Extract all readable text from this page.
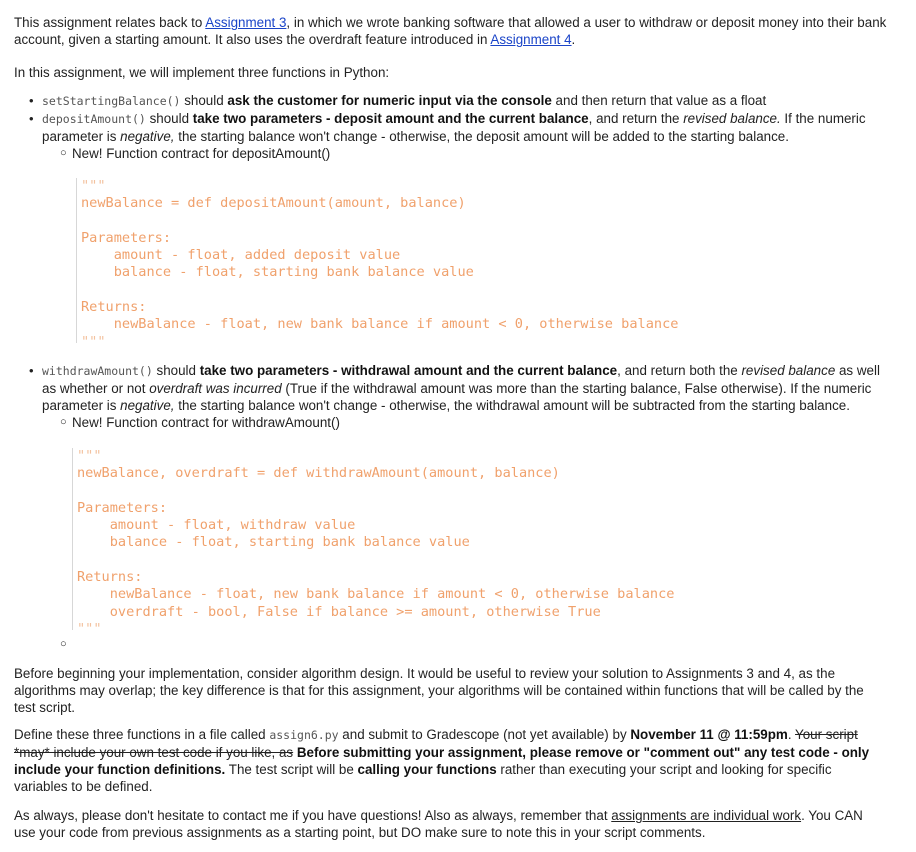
This assignment relates back to Assignment 3, in which we wrote banking software that allowed a user to withdraw or deposit money into their bank account, given a starting amount. It also uses the overdraft feature introduced in Assignment 4.

In this assignment, we will implement three functions in Python:

• setStartingBalance() should ask the customer for numeric input via the console and then return that value as a float
• depositAmount() should take two parameters - deposit amount and the current balance, and return the revised balance. If the numeric parameter is negative, the starting balance won't change - otherwise, the deposit amount will be added to the starting balance.
○ New! Function contract for depositAmount()
"""
newBalance = def depositAmount(amount, balance)

Parameters:
amount - float, added deposit value
balance - float, starting bank balance value

Returns:
newBalance - float, new bank balance if amount < 0, otherwise balance
"""
• withdrawAmount() should take two parameters - withdrawal amount and the current balance, and return both the revised balance as well as whether or not overdraft was incurred (True if the withdrawal amount was more than the starting balance, False otherwise). If the numeric parameter is negative, the starting balance won't change - otherwise, the withdrawal amount will be subtracted from the starting balance.
○ New! Function contract for withdrawAmount()
"""
newBalance, overdraft = def withdrawAmount(amount, balance)

Parameters:
amount - float, withdraw value
balance - float, starting bank balance value

Returns:
newBalance - float, new bank balance if amount < 0, otherwise balance
overdraft - bool, False if balance >= amount, otherwise True
"""
○

Before beginning your implementation, consider algorithm design. It would be useful to review your solution to Assignments 3 and 4, as the algorithms may overlap; the key difference is that for this assignment, your algorithms will be contained within functions that will be called by the test script.

Define these three functions in a file called assign6.py and submit to Gradescope (not yet available) by November 11 @ 11:59pm. Your script *may* include your own test code if you like, as Before submitting your assignment, please remove or "comment out" any test code - only include your function definitions. The test script will be calling your functions rather than executing your script and looking for specific variables to be defined.

As always, please don't hesitate to contact me if you have questions! Also as always, remember that assignments are individual work. You CAN use your code from previous assignments as a starting point, but DO make sure to note this in your script comments.
